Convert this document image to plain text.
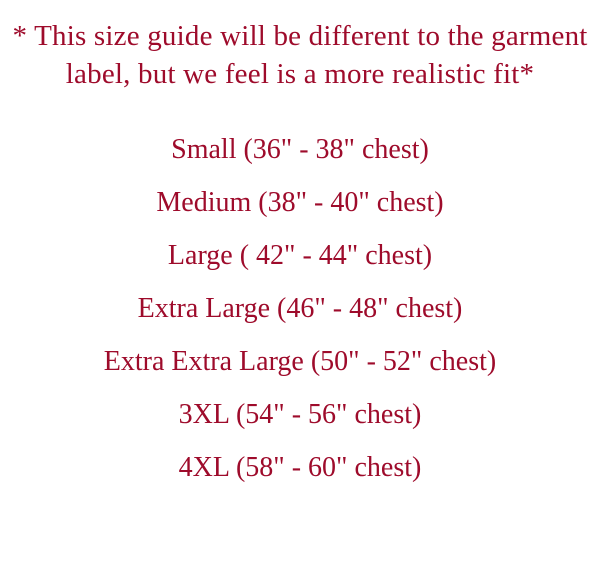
* This size guide will be different to the garment label, but we feel is a more realistic fit*
Small (36" - 38" chest)
Medium (38" - 40" chest)
Large ( 42" - 44" chest)
Extra Large (46" - 48" chest)
Extra Extra Large (50" - 52" chest)
3XL (54" - 56" chest)
4XL (58" - 60" chest)
